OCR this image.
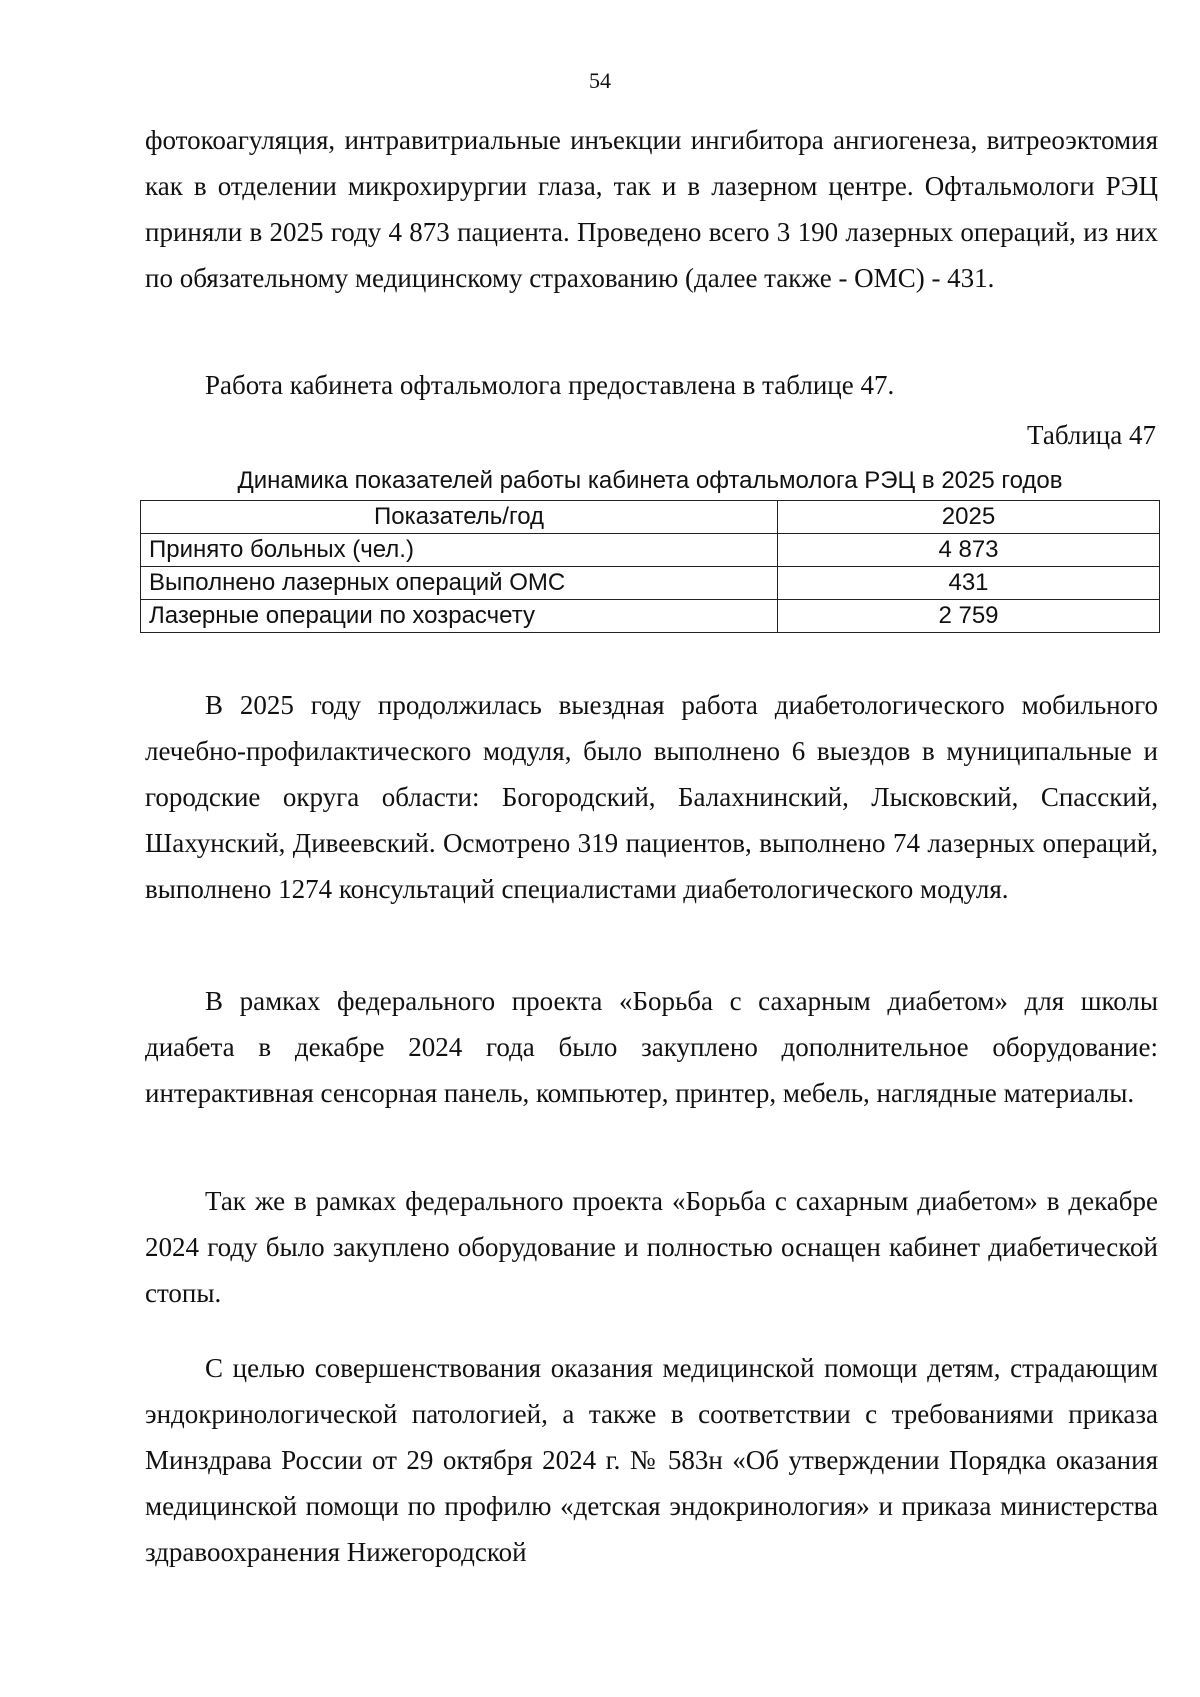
54

фотокоагуляция, интравитриальные инъекции ингибитора ангиогенеза, витреоэктомия как в отделении микрохирургии глаза, так и в лазерном центре. Офтальмологи РЭЦ приняли в 2025 году 4 873 пациента. Проведено всего 3 190 лазерных операций, из них по обязательному медицинскому страхованию (далее также - ОМС) - 431.

Работа кабинета офтальмолога предоставлена в таблице 47.

Таблица 47
Динамика показателей работы кабинета офтальмолога РЭЦ в 2025 годов
Показатель/год	2025
Принято больных (чел.)	4 873
Выполнено лазерных операций ОМС	431
Лазерные операции по хозрасчету	2 759

В 2025 году продолжилась выездная работа диабетологического мобильного лечебно-профилактического модуля, было выполнено 6 выездов в муниципальные и городские округа области: Богородский, Балахнинский, Лысковский, Спасский, Шахунский, Дивеевский. Осмотрено 319 пациентов, выполнено 74 лазерных операций, выполнено 1274 консультаций специалистами диабетологического модуля.

В рамках федерального проекта «Борьба с сахарным диабетом» для школы диабета в декабре 2024 года было закуплено дополнительное оборудование: интерактивная сенсорная панель, компьютер, принтер, мебель, наглядные материалы.

Так же в рамках федерального проекта «Борьба с сахарным диабетом» в декабре 2024 году было закуплено оборудование и полностью оснащен кабинет диабетической стопы.

С целью совершенствования оказания медицинской помощи детям, страдающим эндокринологической патологией, а также в соответствии с требованиями приказа Минздрава России от 29 октября 2024 г. № 583н «Об утверждении Порядка оказания медицинской помощи по профилю «детская эндокринология» и приказа министерства здравоохранения Нижегородской
